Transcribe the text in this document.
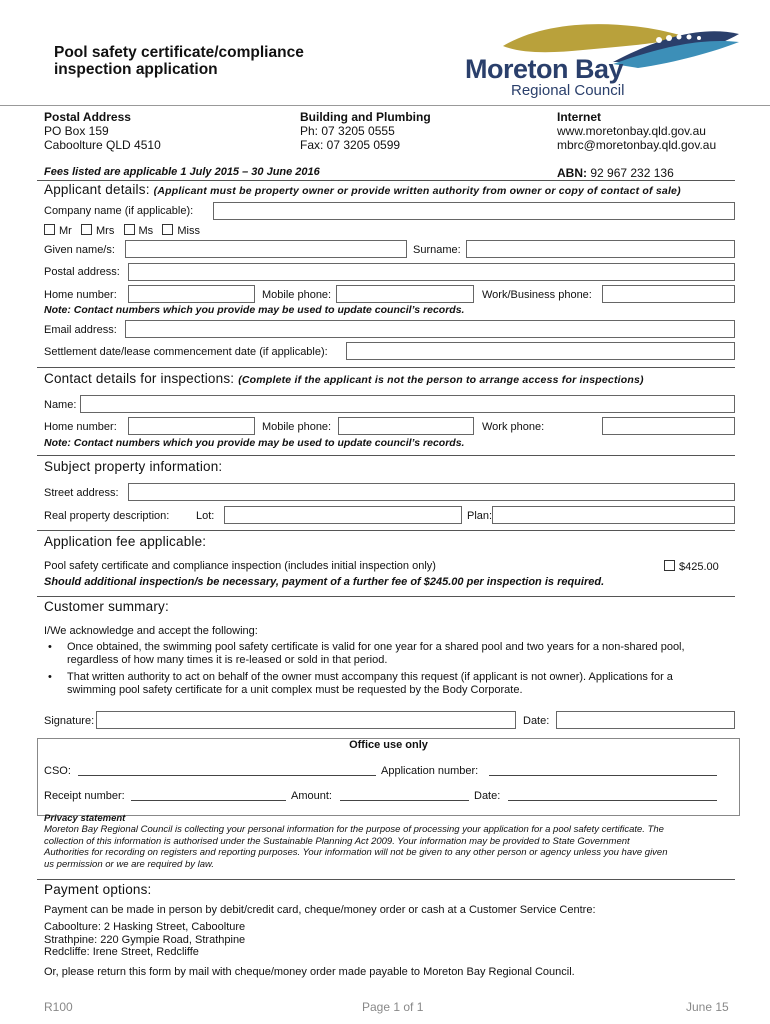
Pool safety certificate/compliance
inspection application	Moreton Bay
Regional Council
Postal Address
PO Box 159
Caboolture QLD 4510
Building and Plumbing
Ph: 07 3205 0555
Fax: 07 3205 0599
Internet
www.moretonbay.qld.gov.au
mbrc@moretonbay.qld.gov.au
Fees listed are applicable 1 July 2015 – 30 June 2016	ABN: 92 967 232 136
Applicant details: (Applicant must be property owner or provide written authority from owner or copy of contact of sale)
Company name (if applicable):
Mr Mrs Ms Miss
Given name/s:	Surname:
Postal address:
Home number:	Mobile phone:	Work/Business phone:
Note: Contact numbers which you provide may be used to update council’s records.
Email address:
Settlement date/lease commencement date (if applicable):
Contact details for inspections: (Complete if the applicant is not the person to arrange access for inspections)
Name:
Home number:	Mobile phone:	Work phone:
Note: Contact numbers which you provide may be used to update council’s records.
Subject property information:
Street address:
Real property description: Lot:	Plan:
Application fee applicable:
Pool safety certificate and compliance inspection (includes initial inspection only)	$425.00
Should additional inspection/s be necessary, payment of a further fee of $245.00 per inspection is required.
Customer summary:
I/We acknowledge and accept the following:
• Once obtained, the swimming pool safety certificate is valid for one year for a shared pool and two years for a non-shared pool,
regardless of how many times it is re-leased or sold in that period.
• That written authority to act on behalf of the owner must accompany this request (if applicant is not owner). Applications for a
swimming pool safety certificate for a unit complex must be requested by the Body Corporate.
Signature:	Date:
Office use only
CSO:	Application number:
Receipt number:	Amount:	Date:
Privacy statement
Moreton Bay Regional Council is collecting your personal information for the purpose of processing your application for a pool safety certificate. The
collection of this information is authorised under the Sustainable Planning Act 2009. Your information may be provided to State Government
Authorities for recording on registers and reporting purposes. Your information will not be given to any other person or agency unless you have given
us permission or we are required by law.
Payment options:
Payment can be made in person by debit/credit card, cheque/money order or cash at a Customer Service Centre:
Caboolture: 2 Hasking Street, Caboolture
Strathpine: 220 Gympie Road, Strathpine
Redcliffe: Irene Street, Redcliffe
Or, please return this form by mail with cheque/money order made payable to Moreton Bay Regional Council.
R100	Page 1 of 1	June 15
